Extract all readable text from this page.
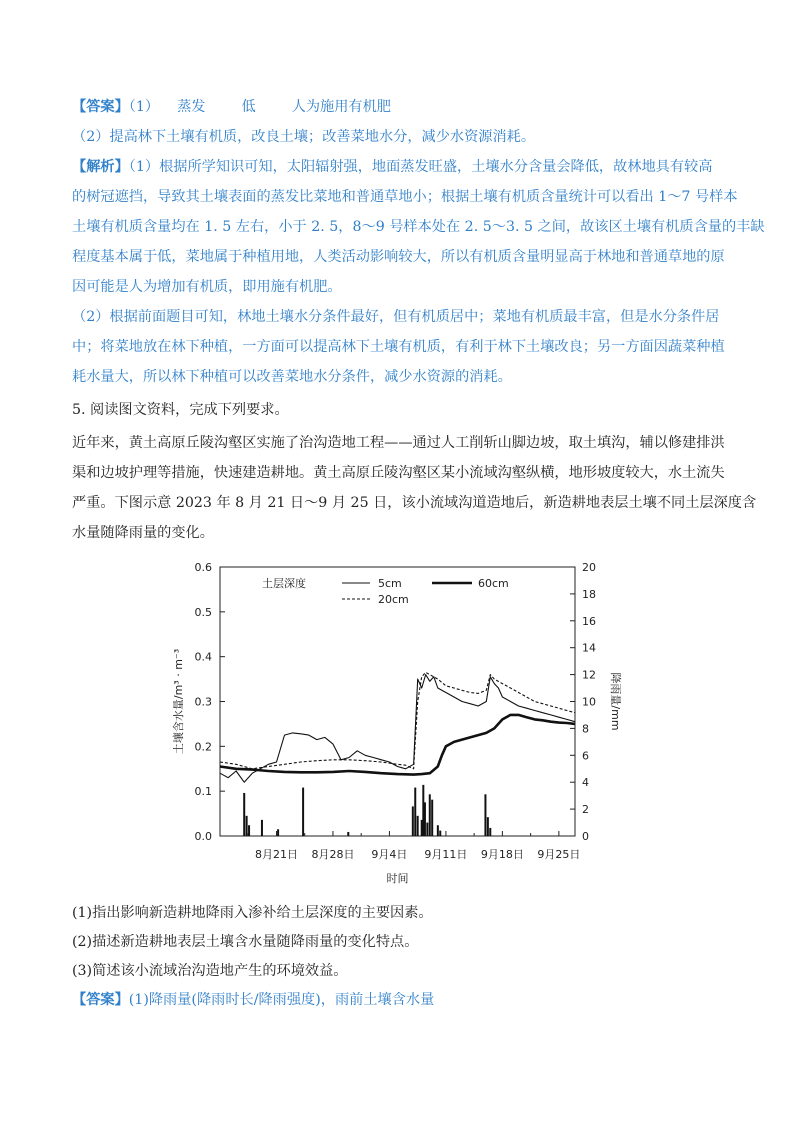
【答案】（1） 蒸发	低	人为施用有机肥
（2）提高林下土壤有机质，改良土壤；改善菜地水分，减少水资源消耗。
【解析】（1）根据所学知识可知，太阳辐射强，地面蒸发旺盛，土壤水分含量会降低，故林地具有较高
的树冠遮挡，导致其土壤表面的蒸发比菜地和普通草地小；根据土壤有机质含量统计可以看出 1～7 号样本
土壤有机质含量均在 1. 5 左右，小于 2. 5，8～9 号样本处在 2. 5～3. 5 之间，故该区土壤有机质含量的丰缺
程度基本属于低，菜地属于种植用地，人类活动影响较大，所以有机质含量明显高于林地和普通草地的原
因可能是人为增加有机质，即用施有机肥。
（2）根据前面题目可知，林地土壤水分条件最好，但有机质居中；菜地有机质最丰富，但是水分条件居
中；将菜地放在林下种植，一方面可以提高林下土壤有机质，有利于林下土壤改良；另一方面因蔬菜种植
耗水量大，所以林下种植可以改善菜地水分条件，减少水资源的消耗。
5. 阅读图文资料，完成下列要求。
近年来，黄土高原丘陵沟壑区实施了治沟造地工程——通过人工削斩山脚边坡，取土填沟，辅以修建排洪
渠和边坡护理等措施，快速建造耕地。黄土高原丘陵沟壑区某小流域沟壑纵横，地形坡度较大，水土流失
严重。下图示意 2023 年 8 月 21 日～9 月 25 日，该小流域沟道造地后，新造耕地表层土壤不同土层深度含
水量随降雨量的变化。
0.0
0.1
0.2
0.3
0.4
0.5
0.6
0
2
4
6
8
10
12
14
16
18
20
8月21日 8月28日 9月4日 9月11日 9月18日 9月25日
时间
土壤含水量/m³ · m⁻³	降雨量/mm
土层深度	5cm
20cm
60cm
(1)指出影响新造耕地降雨入渗补给土层深度的主要因素。
(2)描述新造耕地表层土壤含水量随降雨量的变化特点。
(3)简述该小流域治沟造地产生的环境效益。
【答案】(1)降雨量(降雨时长/降雨强度)，雨前土壤含水量
